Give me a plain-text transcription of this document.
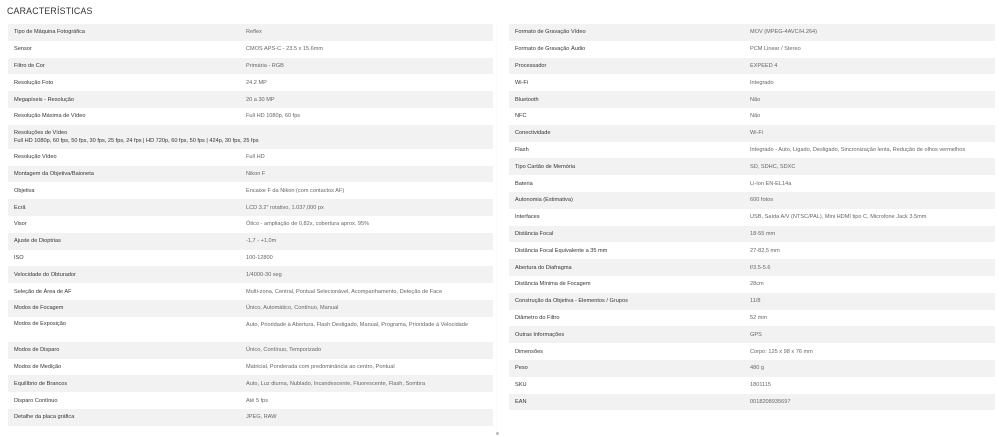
CARACTERÍSTICAS
Tipo de Máquina Fotográfica	Reflex
Sensor	CMOS APS-C - 23.5 x 15.6mm
Filtro de Cor	Primária - RGB
Resolução Foto	24.2 MP
Megapíxeis - Resolução	20 a 30 MP
Resolução Máxima de Vídeo	Full HD 1080p, 60 fps
Resoluções de Vídeo
Full HD 1080p, 60 fps, 50 fps, 30 fps, 25 fps, 24 fps | HD 720p, 60 fps, 50 fps | 424p, 30 fps, 25 fps
Resolução Vídeo	Full HD
Montagem da Objetiva/Baioneta	Nikon F
Objetiva	Encaixe F da Nikon (com contactos AF)
Ecrã	LCD 3.2" rotativo, 1.037,000 px
Visor	Ótico - ampliação de 0,82x, cobertura aprox. 95%
Ajuste de Dioptrias	-1,7 - +1,0m
ISO	100-12800
Velocidade do Obturador	1/4000-30 seg
Seleção de Área de AF	Multi-zona, Central, Pontual Selecionável, Acompanhamento, Deteção de Face
Modos de Focagem	Único, Automático, Contínuo, Manual
Modos de Exposição	Auto, Prioridade à Abertura, Flash Desligado, Manual, Programa, Prioridade à Velocidade
Modos de Disparo	Único, Contínuo, Temporizado
Modos de Medição	Matricial, Ponderada com predominância ao centro, Pontual
Equilíbrio de Brancos	Auto, Luz diurna, Nublado, Incandescente, Fluorescente, Flash, Sombra
Disparo Contínuo	Até 5 fps
Detalhe da placa gráfica	JPEG, RAW
Formato de Gravação Vídeo	MOV (MPEG-4AVC/H.264)
Formato de Gravação Áudio	PCM Linear / Stereo
Processador	EXPEED 4
Wi-Fi	Integrado
Bluetooth	Não
NFC	Não
Conectividade	Wi-Fi
Flash	Integrado - Auto, Ligado, Desligado, Sincronização lenta, Redução de olhos vermelhos
Tipo Cartão de Memória	SD, SDHC, SDXC
Bateria	Li-Ion EN-EL14a
Autonomia (Estimativa)	600 fotos
Interfaces	USB, Saída A/V (NTSC/PAL), Mini HDMI tipo C, Microfone Jack 3.5mm
Distância Focal	18-55 mm
Distância Focal Equivalente a 35 mm	27-82,5 mm
Abertura do Diafragma	f/3.5-5.6
Distância Mínima de Focagem	28cm
Construção da Objetiva - Elementos / Grupos	11/8
Diâmetro do Filtro	52 mm
Outras Informações	GPS
Dimensões	Corpo: 125 x 98 x 76 mm
Peso	480 g
SKU	1801115
EAN	0018208935697
